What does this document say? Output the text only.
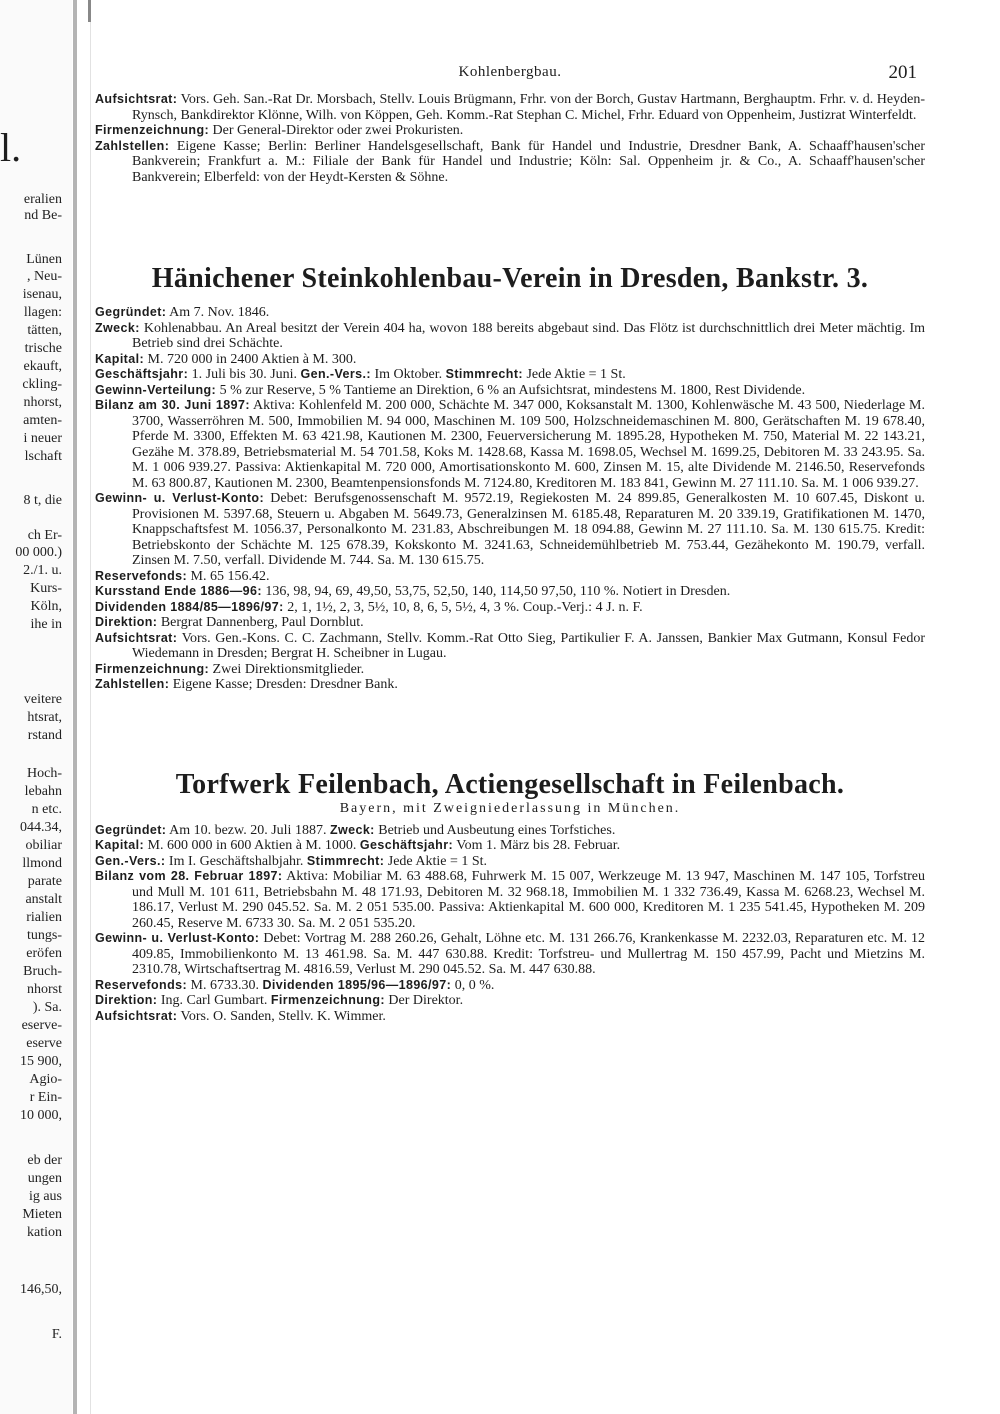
l.
eralien
nd Be-
Lünen
, Neu-
isenau,
llagen:
tätten,
trische
ekauft,
ckling-
nhorst,
amten-
i neuer
lschaft
8 t, die
ch Er-
00 000.)
2./1. u.
Kurs-
Köln,
ihe in
veitere
htsrat,
rstand
Hoch-
lebahn
n etc.
044.34,
obiliar
llmond
parate
anstalt
rialien
tungs-
eröfen
Bruch-
nhorst
). Sa.
eserve-
eserve
15 900,
Agio-
r Ein-
10 000,
eb der
ungen
ig aus
Mieten
kation
146,50,
F.
Kohlenbergbau.	201

Aufsichtsrat: Vors. Geh. San.-Rat Dr. Morsbach, Stellv. Louis Brügmann, Frhr. von der Borch, Gustav Hartmann, Berghauptm. Frhr. v. d. Heyden-Rynsch, Bankdirektor Klönne, Wilh. von Köppen, Geh. Komm.-Rat Stephan C. Michel, Frhr. Eduard von Oppenheim, Justizrat Winterfeldt.

Firmenzeichnung: Der General-Direktor oder zwei Prokuristen.

Zahlstellen: Eigene Kasse; Berlin: Berliner Handelsgesellschaft, Bank für Handel und Industrie, Dresdner Bank, A. Schaaff'hausen'scher Bankverein; Frankfurt a. M.: Filiale der Bank für Handel und Industrie; Köln: Sal. Oppenheim jr. & Co., A. Schaaff'hausen'scher Bankverein; Elberfeld: von der Heydt-Kersten & Söhne.

Hänichener Steinkohlenbau-Verein in Dresden, Bankstr. 3.

Gegründet: Am 7. Nov. 1846.

Zweck: Kohlenabbau. An Areal besitzt der Verein 404 ha, wovon 188 bereits abgebaut sind. Das Flötz ist durchschnittlich drei Meter mächtig. Im Betrieb sind drei Schächte.

Kapital: M. 720 000 in 2400 Aktien à M. 300.

Geschäftsjahr: 1. Juli bis 30. Juni. Gen.-Vers.: Im Oktober. Stimmrecht: Jede Aktie = 1 St.

Gewinn-Verteilung: 5 % zur Reserve, 5 % Tantieme an Direktion, 6 % an Aufsichtsrat, mindestens M. 1800, Rest Dividende.

Bilanz am 30. Juni 1897: Aktiva: Kohlenfeld M. 200 000, Schächte M. 347 000, Koksanstalt M. 1300, Kohlenwäsche M. 43 500, Niederlage M. 3700, Wasserröhren M. 500, Immobilien M. 94 000, Maschinen M. 109 500, Holzschneidemaschinen M. 800, Gerätschaften M. 19 678.40, Pferde M. 3300, Effekten M. 63 421.98, Kautionen M. 2300, Feuerversicherung M. 1895.28, Hypotheken M. 750, Material M. 22 143.21, Gezähe M. 378.89, Betriebsmaterial M. 54 701.58, Koks M. 1428.68, Kassa M. 1698.05, Wechsel M. 1699.25, Debitoren M. 33 243.95. Sa. M. 1 006 939.27. Passiva: Aktienkapital M. 720 000, Amortisationskonto M. 600, Zinsen M. 15, alte Dividende M. 2146.50, Reservefonds M. 63 800.87, Kautionen M. 2300, Beamtenpensionsfonds M. 7124.80, Kreditoren M. 183 841, Gewinn M. 27 111.10. Sa. M. 1 006 939.27.

Gewinn- u. Verlust-Konto: Debet: Berufsgenossenschaft M. 9572.19, Regiekosten M. 24 899.85, Generalkosten M. 10 607.45, Diskont u. Provisionen M. 5397.68, Steuern u. Abgaben M. 5649.73, Generalzinsen M. 6185.48, Reparaturen M. 20 339.19, Gratifikationen M. 1470, Knappschaftsfest M. 1056.37, Personalkonto M. 231.83, Abschreibungen M. 18 094.88, Gewinn M. 27 111.10. Sa. M. 130 615.75. Kredit: Betriebskonto der Schächte M. 125 678.39, Kokskonto M. 3241.63, Schneidemühlbetrieb M. 753.44, Gezähekonto M. 190.79, verfall. Zinsen M. 7.50, verfall. Dividende M. 744. Sa. M. 130 615.75.

Reservefonds: M. 65 156.42.

Kursstand Ende 1886—96: 136, 98, 94, 69, 49,50, 53,75, 52,50, 140, 114,50 97,50, 110 %. Notiert in Dresden.

Dividenden 1884/85—1896/97: 2, 1, 1½, 2, 3, 5½, 10, 8, 6, 5, 5½, 4, 3 %. Coup.-Verj.: 4 J. n. F.

Direktion: Bergrat Dannenberg, Paul Dornblut.

Aufsichtsrat: Vors. Gen.-Kons. C. C. Zachmann, Stellv. Komm.-Rat Otto Sieg, Partikulier F. A. Janssen, Bankier Max Gutmann, Konsul Fedor Wiedemann in Dresden; Bergrat H. Scheibner in Lugau.

Firmenzeichnung: Zwei Direktionsmitglieder.

Zahlstellen: Eigene Kasse; Dresden: Dresdner Bank.

Torfwerk Feilenbach, Actiengesellschaft in Feilenbach.

Bayern, mit Zweigniederlassung in München.

Gegründet: Am 10. bezw. 20. Juli 1887. Zweck: Betrieb und Ausbeutung eines Torfstiches.

Kapital: M. 600 000 in 600 Aktien à M. 1000. Geschäftsjahr: Vom 1. März bis 28. Februar.

Gen.-Vers.: Im I. Geschäftshalbjahr. Stimmrecht: Jede Aktie = 1 St.

Bilanz vom 28. Februar 1897: Aktiva: Mobiliar M. 63 488.68, Fuhrwerk M. 15 007, Werkzeuge M. 13 947, Maschinen M. 147 105, Torfstreu und Mull M. 101 611, Betriebsbahn M. 48 171.93, Debitoren M. 32 968.18, Immobilien M. 1 332 736.49, Kassa M. 6268.23, Wechsel M. 186.17, Verlust M. 290 045.52. Sa. M. 2 051 535.00. Passiva: Aktienkapital M. 600 000, Kreditoren M. 1 235 541.45, Hypotheken M. 209 260.45, Reserve M. 6733 30. Sa. M. 2 051 535.20.

Gewinn- u. Verlust-Konto: Debet: Vortrag M. 288 260.26, Gehalt, Löhne etc. M. 131 266.76, Krankenkasse M. 2232.03, Reparaturen etc. M. 12 409.85, Immobilienkonto M. 13 461.98. Sa. M. 447 630.88. Kredit: Torfstreu- und Mullertrag M. 150 457.99, Pacht und Mietzins M. 2310.78, Wirtschaftsertrag M. 4816.59, Verlust M. 290 045.52. Sa. M. 447 630.88.

Reservefonds: M. 6733.30. Dividenden 1895/96—1896/97: 0, 0 %.

Direktion: Ing. Carl Gumbart. Firmenzeichnung: Der Direktor.

Aufsichtsrat: Vors. O. Sanden, Stellv. K. Wimmer.
